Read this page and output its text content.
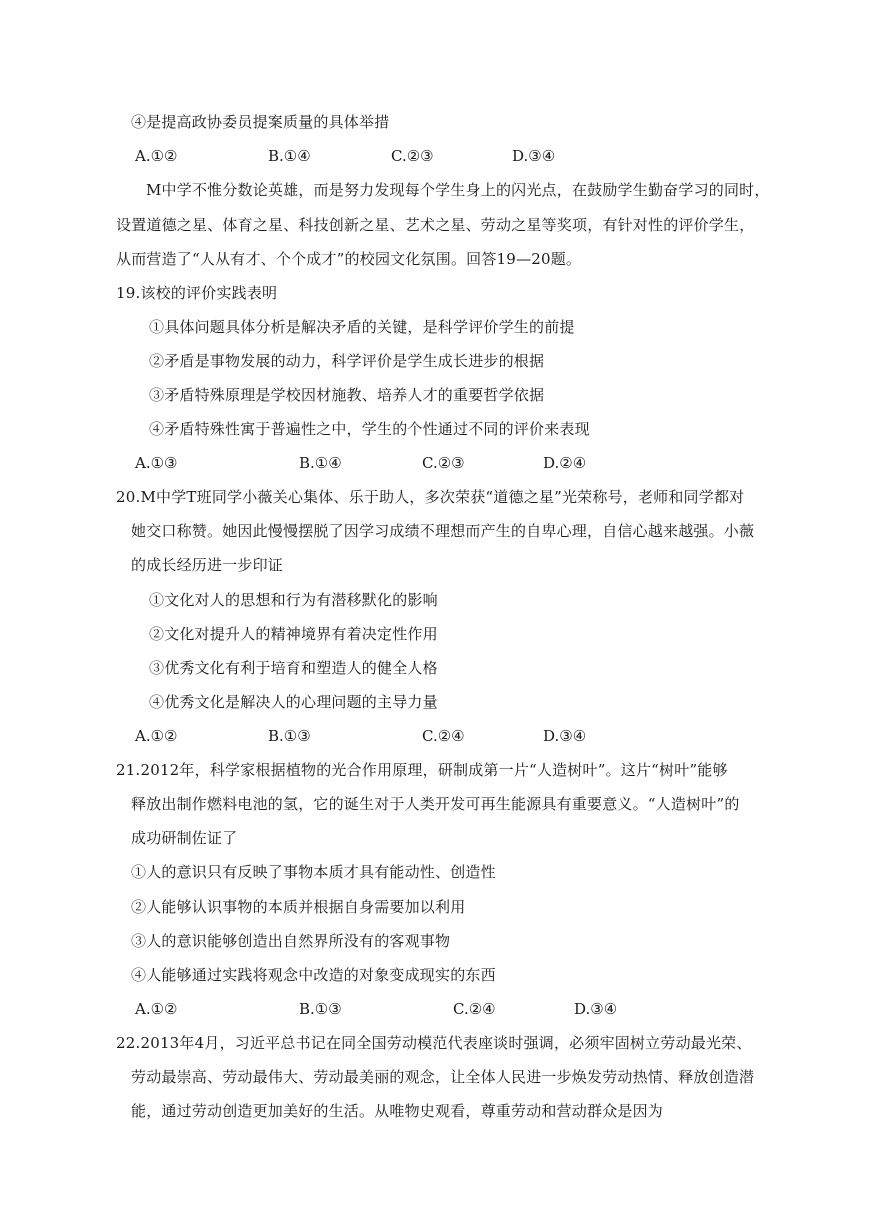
④是提高政协委员提案质量的具体举措
A.①②	B.①④	C.②③	D.③④
M中学不惟分数论英雄，而是努力发现每个学生身上的闪光点，在鼓励学生勤奋学习的同时，
设置道德之星、体育之星、科技创新之星、艺术之星、劳动之星等奖项，有针对性的评价学生，
从而营造了“人从有才、个个成才”的校园文化氛围。回答19—20题。
19.该校的评价实践表明
①具体问题具体分析是解决矛盾的关键，是科学评价学生的前提
②矛盾是事物发展的动力，科学评价是学生成长进步的根据
③矛盾特殊原理是学校因材施教、培养人才的重要哲学依据
④矛盾特殊性寓于普遍性之中，学生的个性通过不同的评价来表现
A.①③	B.①④	C.②③	D.②④
20.M中学T班同学小薇关心集体、乐于助人，多次荣获“道德之星”光荣称号，老师和同学都对
她交口称赞。她因此慢慢摆脱了因学习成绩不理想而产生的自卑心理，自信心越来越强。小薇
的成长经历进一步印证
①文化对人的思想和行为有潜移默化的影响
②文化对提升人的精神境界有着决定性作用
③优秀文化有利于培育和塑造人的健全人格
④优秀文化是解决人的心理问题的主导力量
A.①②	B.①③	C.②④	D.③④
21.2012年，科学家根据植物的光合作用原理，研制成第一片“人造树叶”。这片“树叶”能够
释放出制作燃料电池的氢，它的诞生对于人类开发可再生能源具有重要意义。“人造树叶”的
成功研制佐证了
①人的意识只有反映了事物本质才具有能动性、创造性
②人能够认识事物的本质并根据自身需要加以利用
③人的意识能够创造出自然界所没有的客观事物
④人能够通过实践将观念中改造的对象变成现实的东西
A.①②	B.①③	C.②④	D.③④
22.2013年4月，习近平总书记在同全国劳动模范代表座谈时强调，必须牢固树立劳动最光荣、
劳动最崇高、劳动最伟大、劳动最美丽的观念，让全体人民进一步焕发劳动热情、释放创造潜
能，通过劳动创造更加美好的生活。从唯物史观看，尊重劳动和营动群众是因为
